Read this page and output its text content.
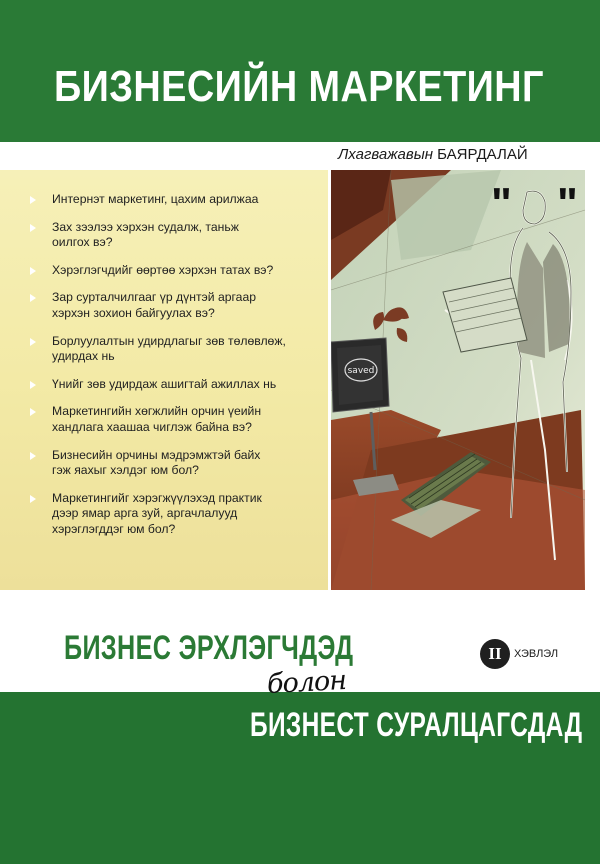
БИЗНЕСИЙН МАРКЕТИНГ
Лхагважавын БАЯРДАЛАЙ
Интернэт маркетинг, цахим арилжаа
Зах зээлээ хэрхэн судалж, таньж
оилгох вэ?
Хэрэглэгчдийг өөртөө хэрхэн татах вэ?
Зар сурталчилгааг үр дүнтэй аргаар
хэрхэн зохион байгуулах вэ?
Борлуулалтын удирдлагыг зөв төлөвлөж,
удирдах нь
Үнийг зөв удирдаж ашигтай ажиллах нь
Маркетингийн хөгжлийн орчин үеийн
хандлага хаашаа чиглэж байна вэ?
Бизнесийн орчины мэдрэмжтэй байх
гэж яахыг хэлдэг юм бол?
Маркетингийг хэрэгжүүлэхэд практик
дээр ямар арга зуй, аргачлалууд
хэрэглэгддэг юм бол?
saved
" "
БИЗНЕС ЭРХЛЭГЧДЭД	II	ХЭВЛЭЛ
болон
БИЗНЕСТ СУРАЛЦАГСДАД
